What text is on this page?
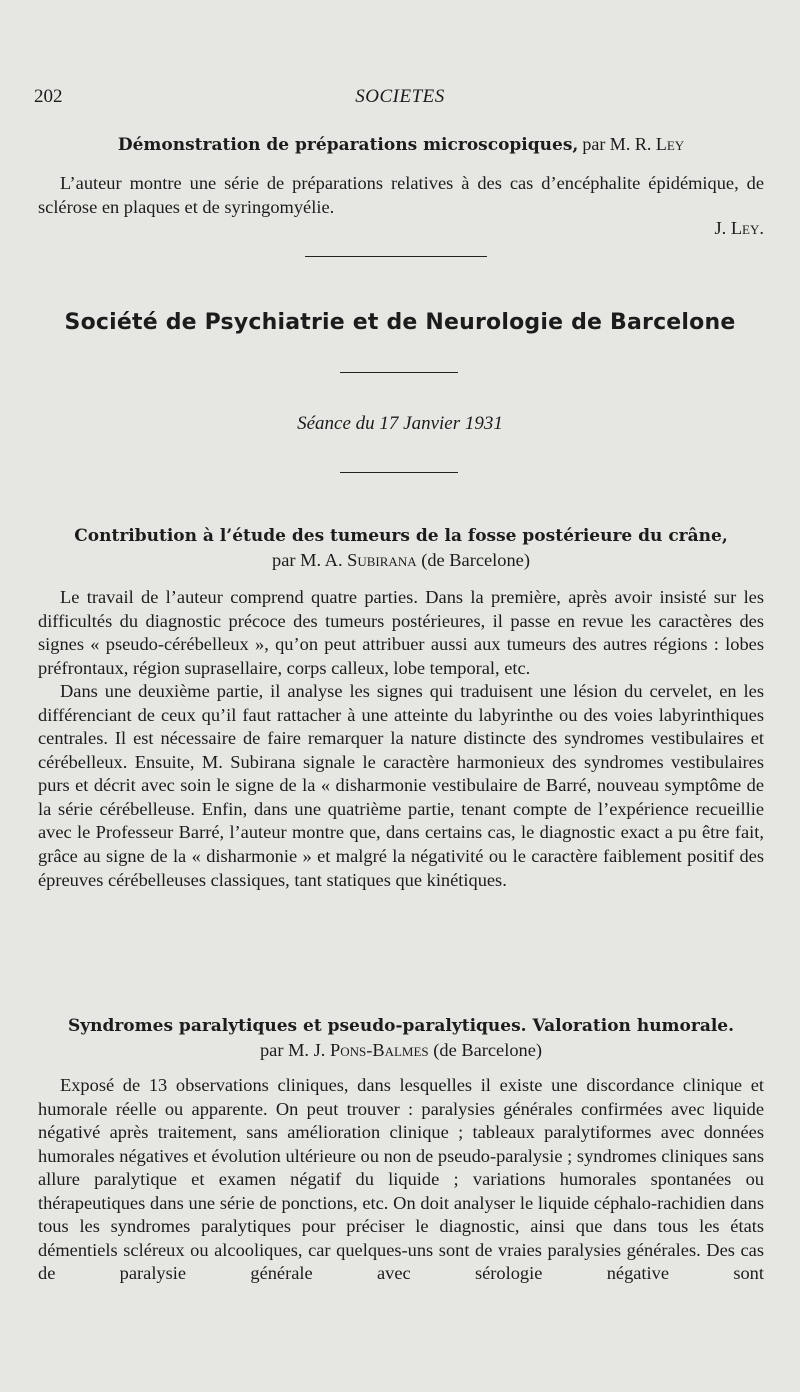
202	SOCIETES
Démonstration de préparations microscopiques, par M. R. Ley

L’auteur montre une série de préparations relatives à des cas d’encéphalite épidémique, de sclérose en plaques et de syringomyélie.

J. Ley.
Société de Psychiatrie et de Neurologie de Barcelone
Séance du 17 Janvier 1931
Contribution à l’étude des tumeurs de la fosse postérieure du crâne,
par M. A. Subirana (de Barcelone)

Le travail de l’auteur comprend quatre parties. Dans la première, après avoir insisté sur les difficultés du diagnostic précoce des tumeurs postérieures, il passe en revue les caractères des signes « pseudo-cérébelleux », qu’on peut attribuer aussi aux tumeurs des autres régions : lobes préfrontaux, région suprasellaire, corps calleux, lobe temporal, etc.

Dans une deuxième partie, il analyse les signes qui traduisent une lésion du cervelet, en les différenciant de ceux qu’il faut rattacher à une atteinte du labyrinthe ou des voies labyrinthiques centrales. Il est nécessaire de faire remarquer la nature distincte des syndromes vestibulaires et cérébelleux. Ensuite, M. Subirana signale le caractère harmonieux des syndromes vestibulaires purs et décrit avec soin le signe de la « disharmonie vestibulaire de Barré, nouveau symptôme de la série cérébelleuse. Enfin, dans une quatrième partie, tenant compte de l’expérience recueillie avec le Professeur Barré, l’auteur montre que, dans certains cas, le diagnostic exact a pu être fait, grâce au signe de la « disharmonie » et malgré la négativité ou le caractère faiblement positif des épreuves cérébelleuses classiques, tant statiques que kinétiques.

Syndromes paralytiques et pseudo-paralytiques. Valoration humorale.
par M. J. Pons-Balmes (de Barcelone)

Exposé de 13 observations cliniques, dans lesquelles il existe une discordance clinique et humorale réelle ou apparente. On peut trouver : paralysies générales confirmées avec liquide négativé après traitement, sans amélioration clinique ; tableaux paralytiformes avec données humorales négatives et évolution ultérieure ou non de pseudo-paralysie ; syndromes cliniques sans allure paralytique et examen négatif du liquide ; variations humorales spontanées ou thérapeutiques dans une série de ponctions, etc. On doit analyser le liquide céphalo-rachidien dans tous les syndromes paralytiques pour préciser le diagnostic, ainsi que dans tous les états démentiels scléreux ou alcooliques, car quelques-uns sont de vraies paralysies générales. Des cas de paralysie générale avec sérologie négative sont
